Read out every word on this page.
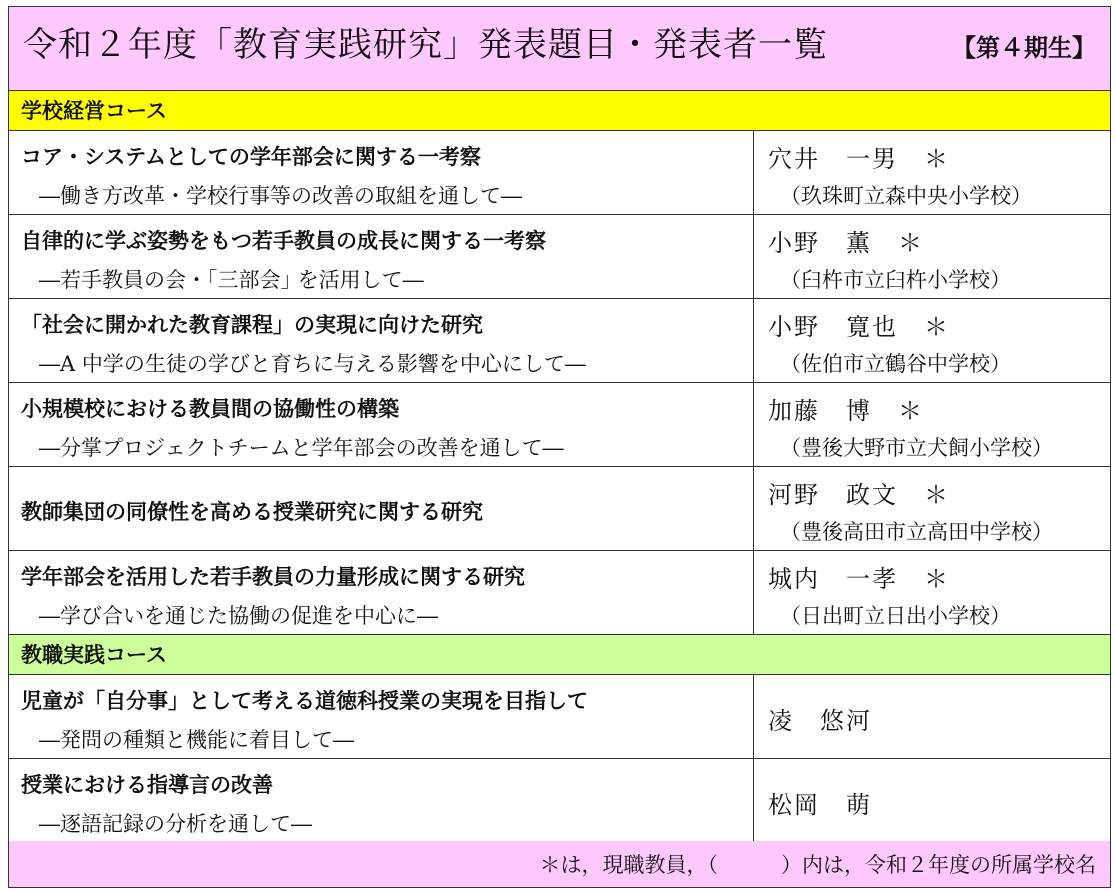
令和２年度「教育実践研究」発表題目・発表者一覧	【第４期生】
学校経営コース
コア・システムとしての学年部会に関する一考察
―働き方改革・学校行事等の改善の取組を通して―
穴井　一男　＊
（玖珠町立森中央小学校）
自律的に学ぶ姿勢をもつ若手教員の成長に関する一考察
―若手教員の会・｢三部会｣ を活用して―
小野　薫　＊
（臼杵市立臼杵小学校）
「社会に開かれた教育課程」の実現に向けた研究
―A 中学の生徒の学びと育ちに与える影響を中心にして―
小野　寛也　＊
（佐伯市立鶴谷中学校）
小規模校における教員間の協働性の構築
―分掌プロジェクトチームと学年部会の改善を通して―
加藤　博　＊
（豊後大野市立犬飼小学校）
教師集団の同僚性を高める授業研究に関する研究
河野　政文　＊
（豊後高田市立高田中学校）
学年部会を活用した若手教員の力量形成に関する研究
―学び合いを通じた協働の促進を中心に―
城内　一孝　＊
（日出町立日出小学校）
教職実践コース
児童が「自分事」として考える道徳科授業の実現を目指して
―発問の種類と機能に着目して―
凌　悠河
授業における指導言の改善
―逐語記録の分析を通して―
松岡　萌
＊は，現職教員，（　　　）内は，令和２年度の所属学校名
